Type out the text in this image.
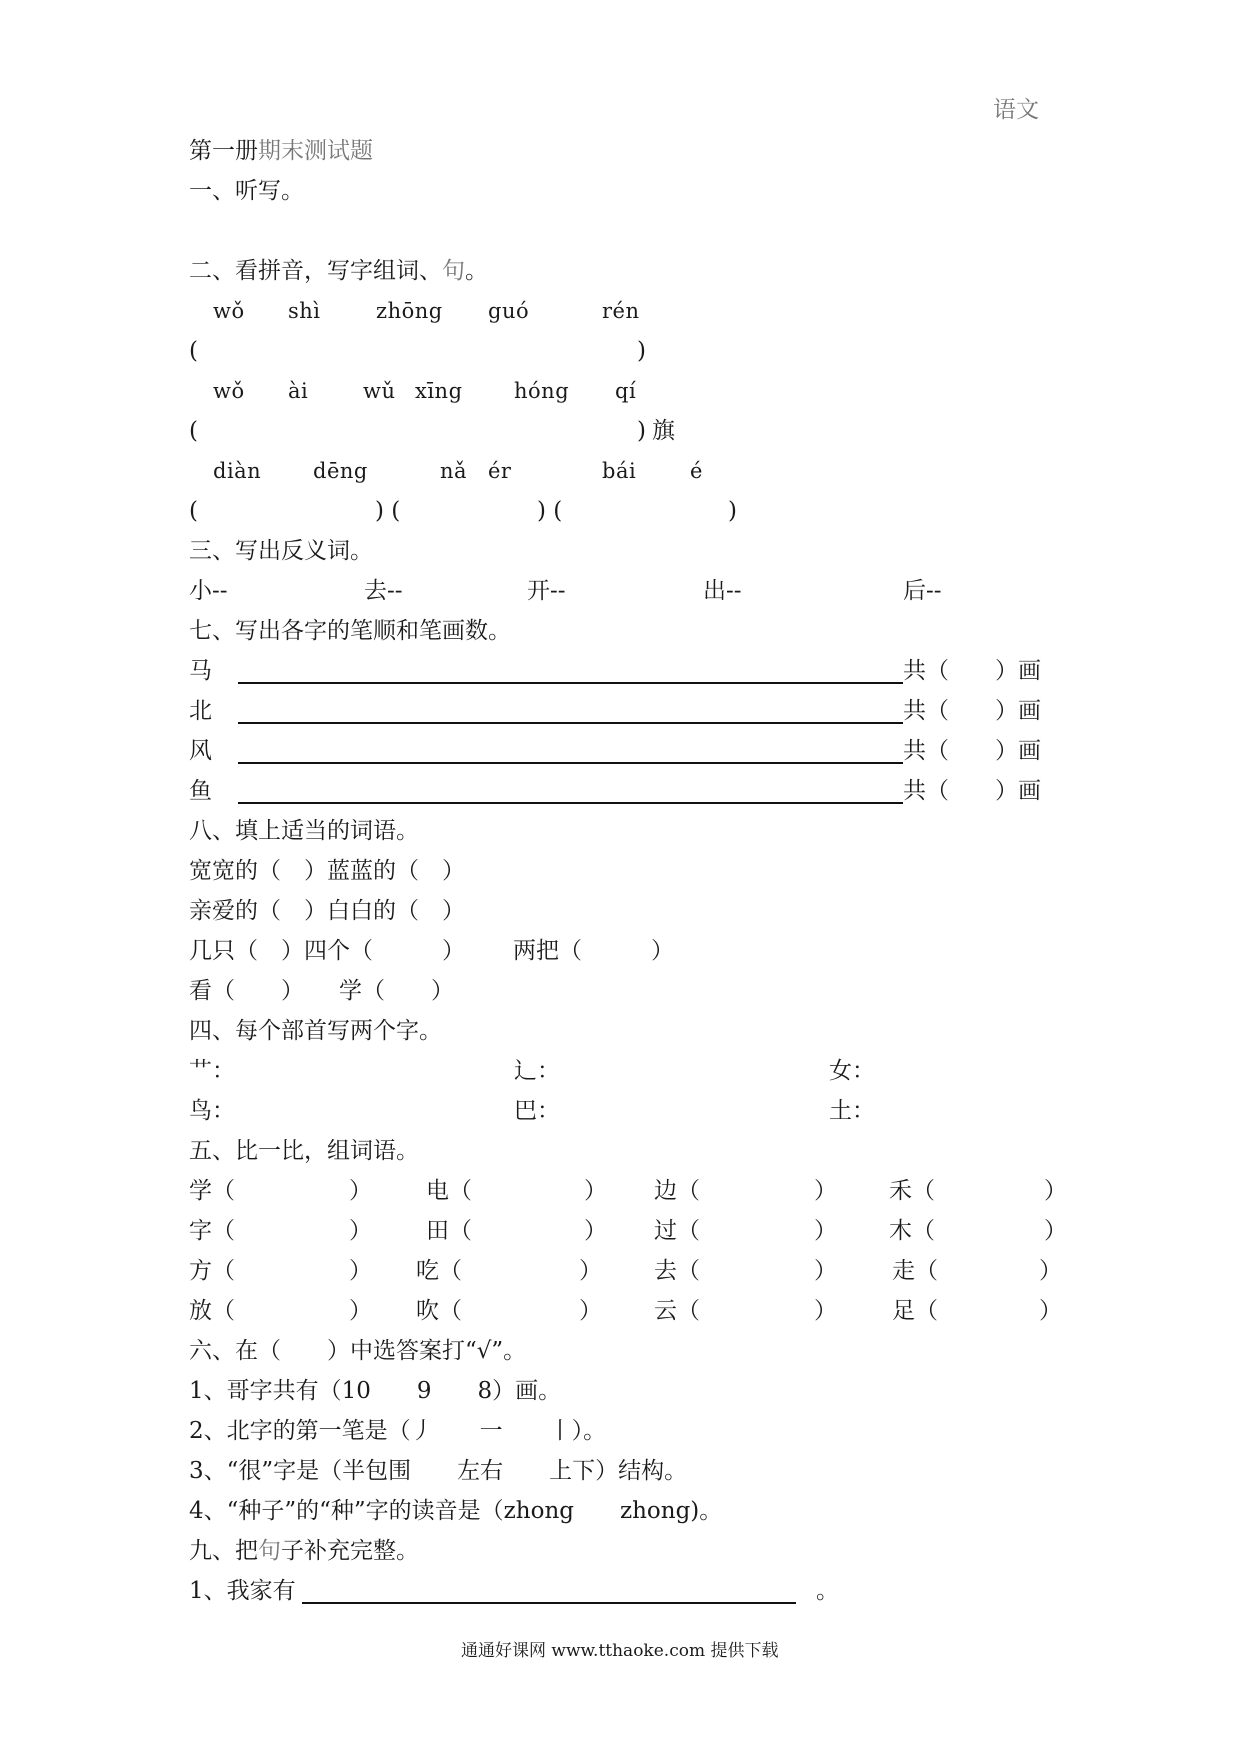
语文
第一册期末测试题
一、听写。
二、看拼音，写字组词、句。
wǒ shì	zhōng guó	rén
(	)
wǒ ài	wǔ xīng hóng qí
(	) 旗
diàn dēng	nǎ ér	bái	é
(	) (	) (	)
三、写出反义词。
小--	去--	开--	出--	后--
七、写出各字的笔顺和笔画数。
马	共（　　）画
北	共（　　）画
风	共（　　）画
鱼	共（　　）画
八、填上适当的词语。
宽宽的（　）蓝蓝的（　）
亲爱的（　）白白的（　）
几只（　）四个（　　　） 两把（　　　）
看（　　） 学（　　）
四、每个部首写两个字。
艹：	辶：	女：
鸟：	巴：	土：
五、比一比，组词语。
学（	） 电（	） 边（	） 禾（	）
字（	） 田（	） 过（	） 木（	）
方（	） 吃（	） 去（	） 走（	）
放（	） 吹（	） 云（	） 足（	）
六、在（　　）中选答案打“√”。
1、哥字共有（10　　9　　8）画。
2、北字的第一笔是（丿　　一　　丨）。
3、“很”字是（半包围　　左右　　上下）结构。
4、“种子”的“种”字的读音是（zhong　　zhong)。
九、把句子补充完整。
1、我家有	。
通通好课网 www.tthaoke.com 提供下载
